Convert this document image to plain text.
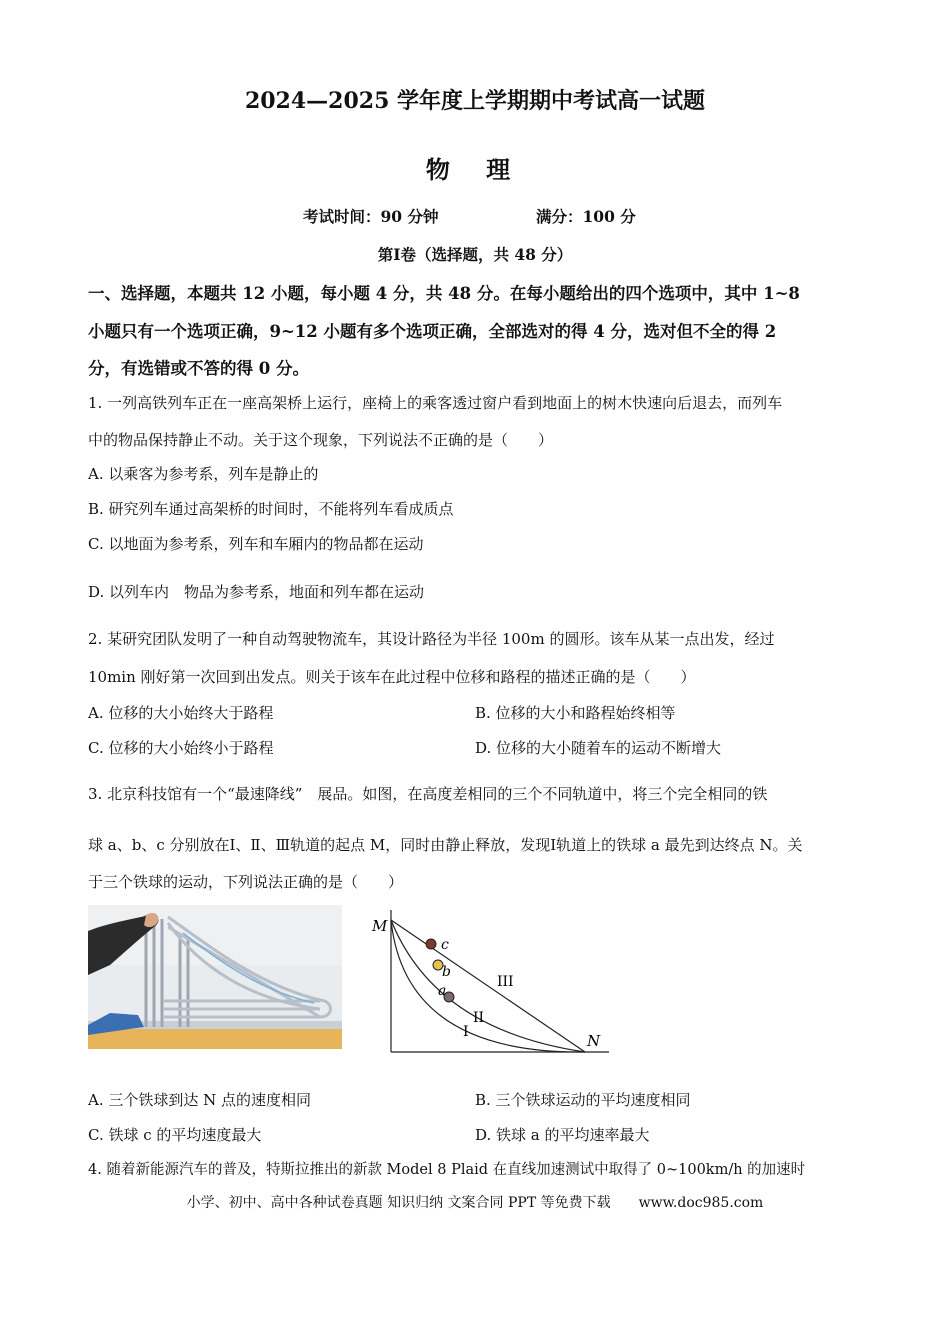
2024—2025 学年度上学期期中考试高一试题
物 理
考试时间：90 分钟	满分：100 分
第Ⅰ卷（选择题，共 48 分）
一、选择题，本题共 12 小题，每小题 4 分，共 48 分。在每小题给出的四个选项中，其中 1~8
小题只有一个选项正确，9~12 小题有多个选项正确，全部选对的得 4 分，选对但不全的得 2
分，有选错或不答的得 0 分。
1. 一列高铁列车正在一座高架桥上运行，座椅上的乘客透过窗户看到地面上的树木快速向后退去，而列车
中的物品保持静止不动。关于这个现象，下列说法不正确的是（　　）
A. 以乘客为参考系，列车是静止的
B. 研究列车通过高架桥的时间时，不能将列车看成质点
C. 以地面为参考系，列车和车厢内的物品都在运动
D. 以列车内　物品为参考系，地面和列车都在运动
2. 某研究团队发明了一种自动驾驶物流车，其设计路径为半径 100m 的圆形。该车从某一点出发，经过
10min 刚好第一次回到出发点。则关于该车在此过程中位移和路程的描述正确的是（　　）
A. 位移的大小始终大于路程	B. 位移的大小和路程始终相等
C. 位移的大小始终小于路程	D. 位移的大小随着车的运动不断增大
3. 北京科技馆有一个“最速降线”　展品。如图，在高度差相同的三个不同轨道中，将三个完全相同的铁
球 a、b、c 分别放在Ⅰ、Ⅱ、Ⅲ轨道的起点 M，同时由静止释放，发现Ⅰ轨道上的铁球 a 最先到达终点 N。关
于三个铁球的运动，下列说法正确的是（　　）
M
N
c
b
a
III
II
I
A. 三个铁球到达 N 点的速度相同	B. 三个铁球运动的平均速度相同
C. 铁球 c 的平均速度最大	D. 铁球 a 的平均速率最大
4. 随着新能源汽车的普及，特斯拉推出的新款 Model 8 Plaid 在直线加速测试中取得了 0~100km/h 的加速时
小学、初中、高中各种试卷真题 知识归纳 文案合同 PPT 等免费下载　　www.doc985.com
